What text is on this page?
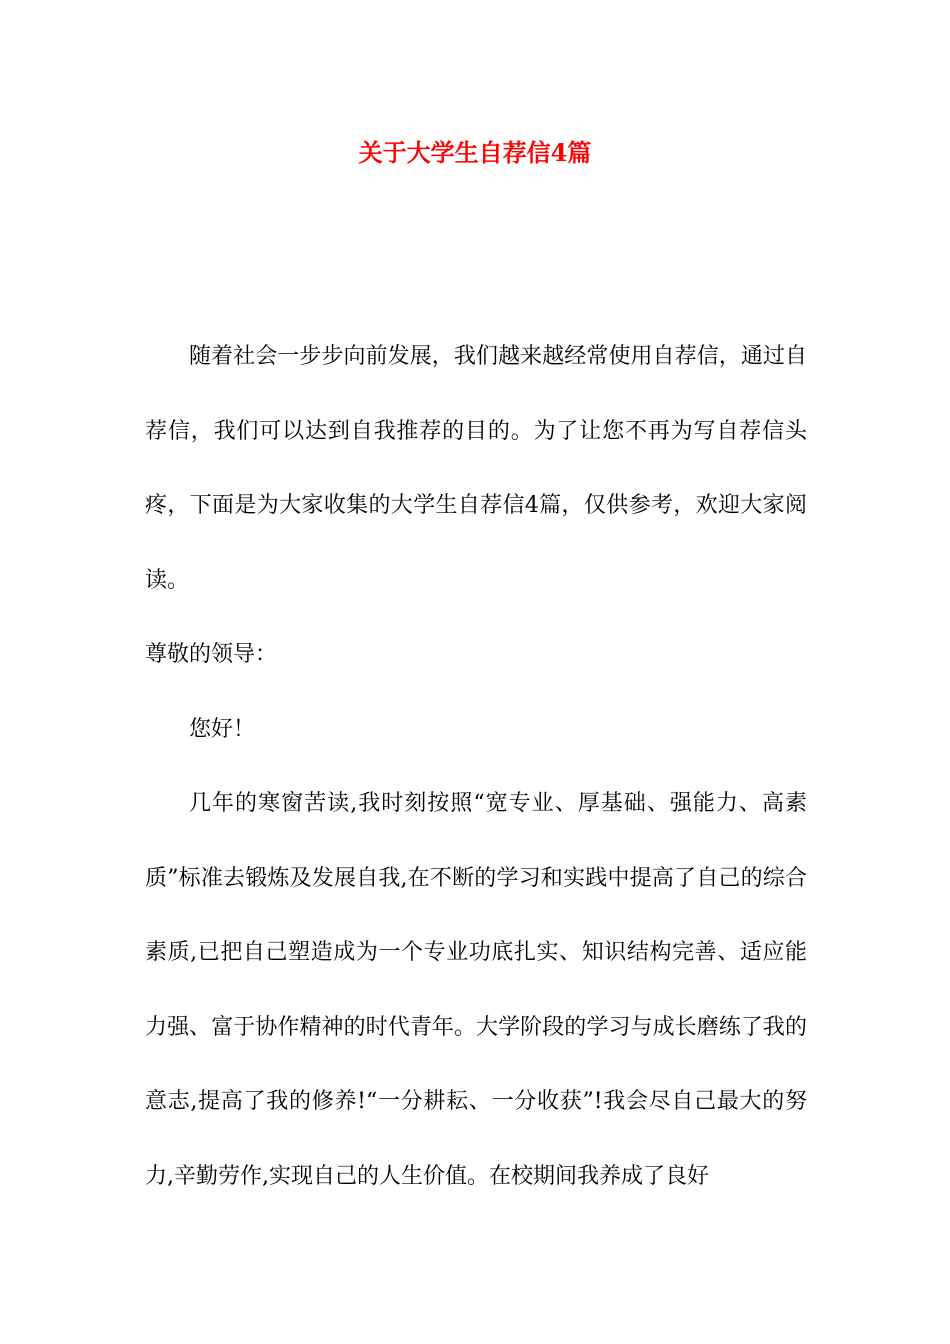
关于大学生自荐信4篇

随着社会一步步向前发展，我们越来越经常使用自荐信，通过自荐信，我们可以达到自我推荐的目的。为了让您不再为写自荐信头疼，下面是为大家收集的大学生自荐信4篇，仅供参考，欢迎大家阅读。

尊敬的领导：

您好！

几年的寒窗苦读,我时刻按照“宽专业、厚基础、强能力、高素质”标准去锻炼及发展自我,在不断的学习和实践中提高了自己的综合素质,已把自己塑造成为一个专业功底扎实、知识结构完善、适应能力强、富于协作精神的时代青年。大学阶段的学习与成长磨练了我的意志,提高了我的修养!“一分耕耘、一分收获”!我会尽自己最大的努力,辛勤劳作,实现自己的人生价值。在校期间我养成了良好
